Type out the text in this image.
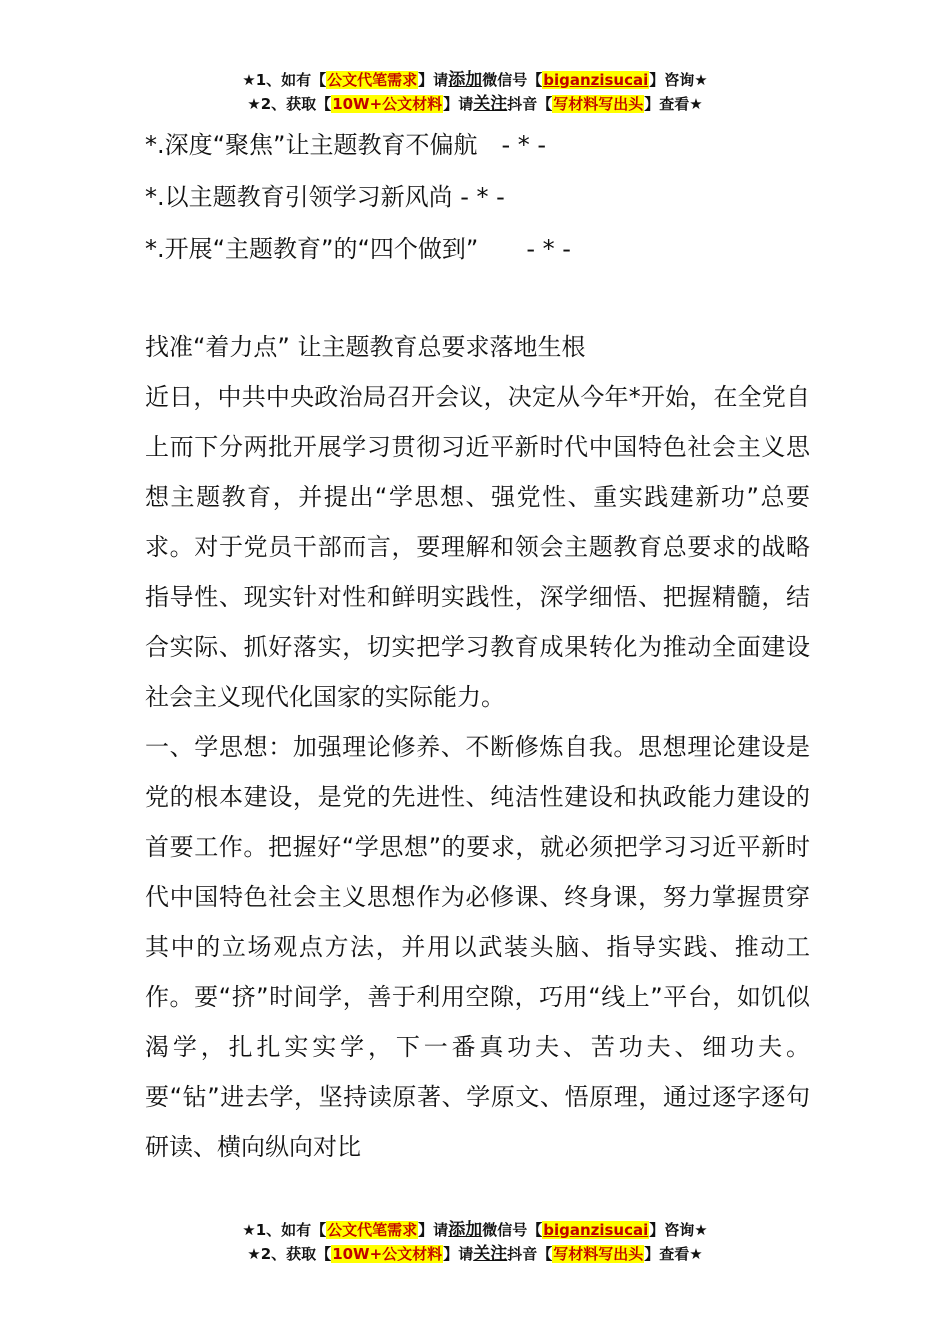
★1、如有【公文代笔需求】请添加微信号【biganzisucai】咨询★
★2、获取【10W+公文材料】请关注抖音【写材料写出头】查看★
*.深度“聚焦”让主题教育不偏航　- * -
*.以主题教育引领学习新风尚 - * -
*.开展“主题教育”的“四个做到”　　- * -
找准“着力点” 让主题教育总要求落地生根

近日，中共中央政治局召开会议，决定从今年*开始，在全党自上而下分两批开展学习贯彻习近平新时代中国特色社会主义思想主题教育，并提出“学思想、强党性、重实践建新功”总要求。对于党员干部而言，要理解和领会主题教育总要求的战略指导性、现实针对性和鲜明实践性，深学细悟、把握精髓，结合实际、抓好落实，切实把学习教育成果转化为推动全面建设社会主义现代化国家的实际能力。

一、学思想：加强理论修养、不断修炼自我。思想理论建设是党的根本建设，是党的先进性、纯洁性建设和执政能力建设的首要工作。把握好“学思想”的要求，就必须把学习习近平新时代中国特色社会主义思想作为必修课、终身课，努力掌握贯穿其中的立场观点方法，并用以武装头脑、指导实践、推动工作。要“挤”时间学，善于利用空隙，巧用“线上”平台，如饥似渴学，扎扎实实学，下一番真功夫、苦功夫、细功夫。要“钻”进去学，坚持读原著、学原文、悟原理，通过逐字逐句研读、横向纵向对比

★1、如有【公文代笔需求】请添加微信号【biganzisucai】咨询★
★2、获取【10W+公文材料】请关注抖音【写材料写出头】查看★
